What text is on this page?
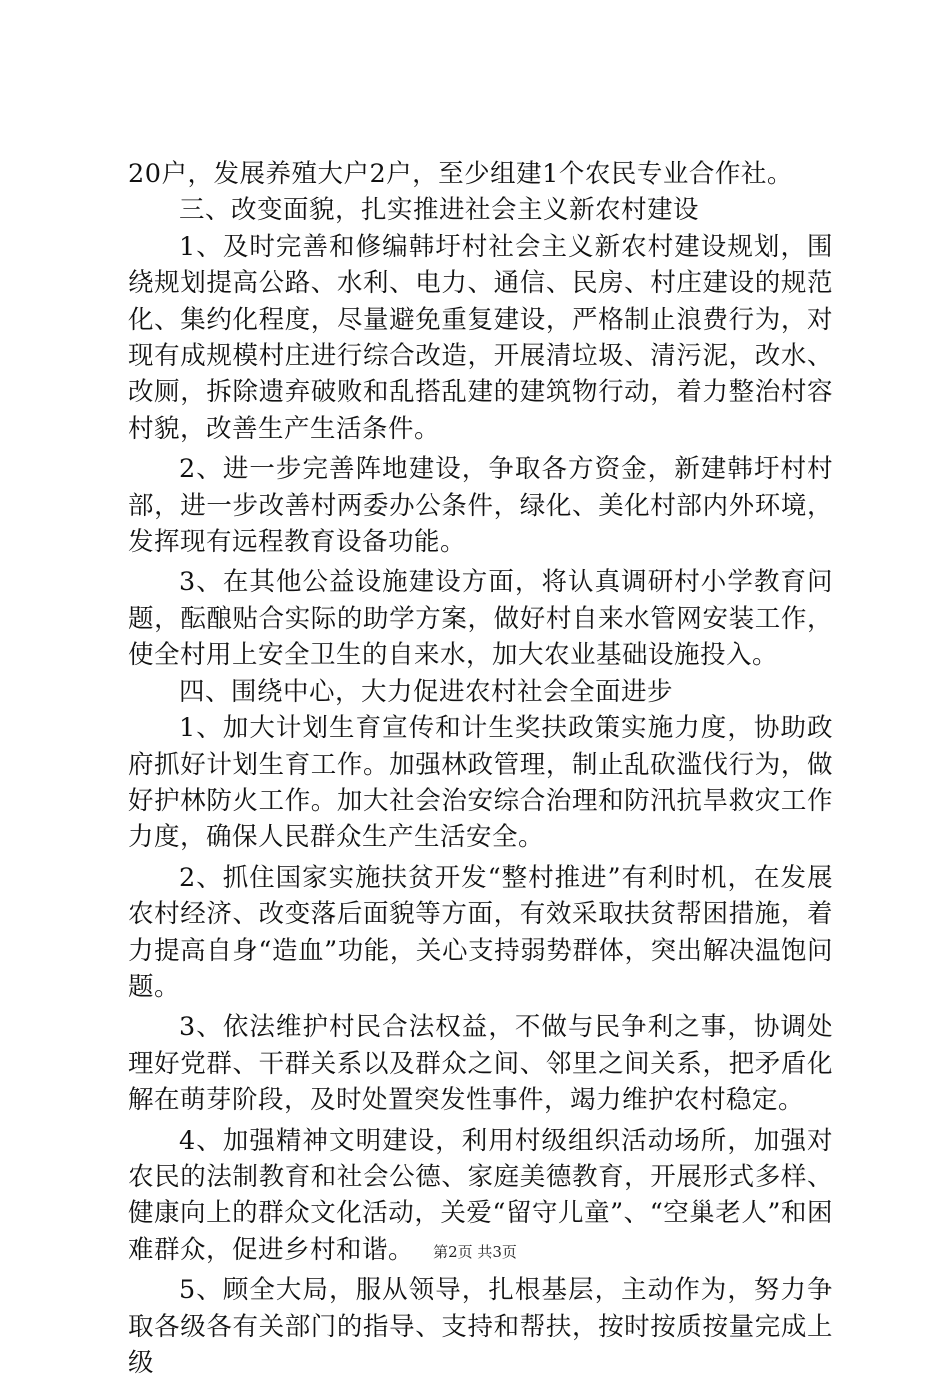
20户，发展养殖大户2户，至少组建1个农民专业合作社。

三、改变面貌，扎实推进社会主义新农村建设

1、及时完善和修编韩圩村社会主义新农村建设规划，围绕规划提高公路、水利、电力、通信、民房、村庄建设的规范化、集约化程度，尽量避免重复建设，严格制止浪费行为，对现有成规模村庄进行综合改造，开展清垃圾、清污泥，改水、改厕，拆除遗弃破败和乱搭乱建的建筑物行动，着力整治村容村貌，改善生产生活条件。

2、进一步完善阵地建设，争取各方资金，新建韩圩村村部，进一步改善村两委办公条件，绿化、美化村部内外环境，发挥现有远程教育设备功能。

3、在其他公益设施建设方面，将认真调研村小学教育问题，酝酿贴合实际的助学方案，做好村自来水管网安装工作，使全村用上安全卫生的自来水，加大农业基础设施投入。

四、围绕中心，大力促进农村社会全面进步

1、加大计划生育宣传和计生奖扶政策实施力度，协助政府抓好计划生育工作。加强林政管理，制止乱砍滥伐行为，做好护林防火工作。加大社会治安综合治理和防汛抗旱救灾工作力度，确保人民群众生产生活安全。

2、抓住国家实施扶贫开发“整村推进”有利时机，在发展农村经济、改变落后面貌等方面，有效采取扶贫帮困措施，着力提高自身“造血”功能，关心支持弱势群体，突出解决温饱问题。

3、依法维护村民合法权益，不做与民争利之事，协调处理好党群、干群关系以及群众之间、邻里之间关系，把矛盾化解在萌芽阶段，及时处置突发性事件，竭力维护农村稳定。

4、加强精神文明建设，利用村级组织活动场所，加强对农民的法制教育和社会公德、家庭美德教育，开展形式多样、健康向上的群众文化活动，关爱“留守儿童”、“空巢老人”和困难群众，促进乡村和谐。

5、顾全大局，服从领导，扎根基层，主动作为，努力争取各级各有关部门的指导、支持和帮扶，按时按质按量完成上级

第2页 共3页
